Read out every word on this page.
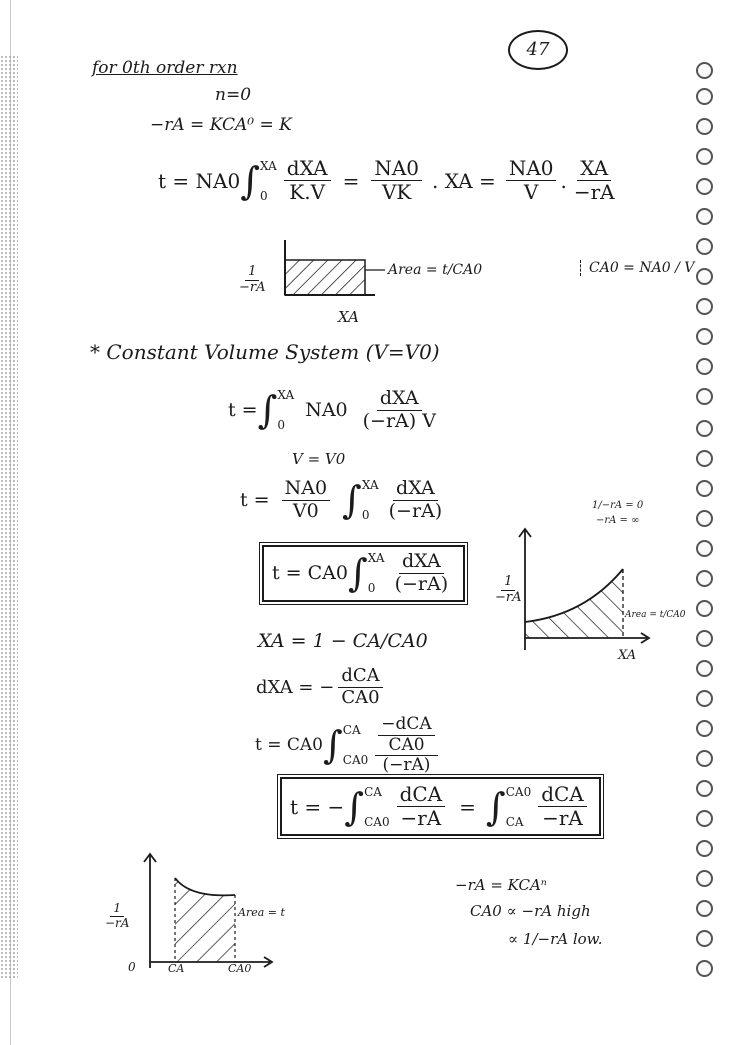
47
for 0th order rxn
n=0
−rA = KCA⁰ = K
t = NA0 ∫ XA
$0 \frac{\text{dXA}}{K.V} = \frac{NA0}{VK}$ . XA = $\frac{NA0}{V}$ . $\frac{XA}{-rA}$
$\frac{1}{-rA}$	Area = t/CA0
XA
CA0 = NA0 / V
* Constant Volume System (V=V0)
t = ∫ XA
0
$NA0 \frac{\text{dXA}}{(-rA) V}$
V = V0
$t = \frac{NA0}{V0}$ ∫ XA
$0 \frac{\text{dXA}}{(-rA)}$
t = CA0 ∫ XA
$0 \frac{\text{dXA}}{(-rA)}$
1/−rA = 0
−rA = ∞
$\frac{1}{-rA}$
Area = t/CA0
XA
XA = 1 − CA/CA0
dXA = − $\frac{\text{dCA}}{CA0}$
t = CA0 ∫ CA
$CA0 \frac{\frac{\text{−dCA}}{CA0}}{(-rA)}$
t = − ∫ CA
$CA0 \frac{\text{dCA}}{-rA}$ = ∫ CA0
CA $\frac{\text{dCA}}{-rA}$
$\frac{1}{-rA}$	Area = t
0	CA	CA0
−rA = KCAⁿ
CA0 ∝ −rA high
∝ 1/−rA low.
